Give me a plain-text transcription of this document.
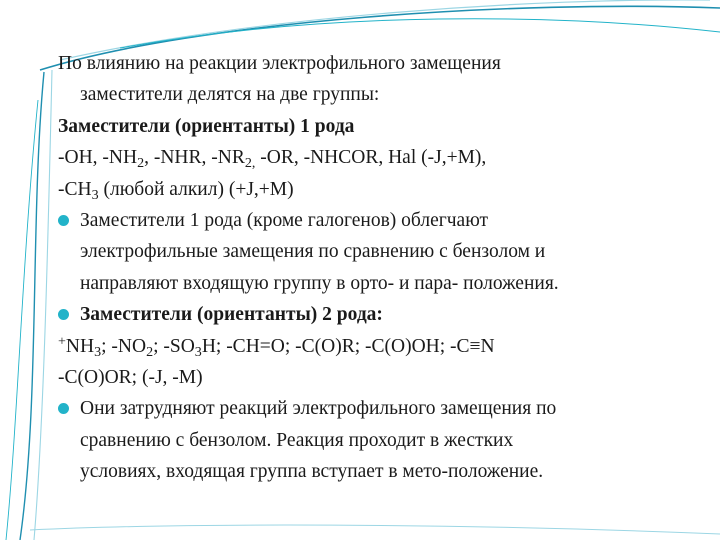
По влиянию на реакции электрофильного замещения
заместители делятся на две группы:
Заместители (ориентанты) 1 рода
-OH, $-NH_2$, -NHR, $-NR_{2,}$ -OR, -NHCOR, Hal (-J,+M),
$-CH_3$ (любой алкил) (+J,+M)
Заместители 1 рода (кроме галогенов) облегчают
электрофильные замещения по сравнению с бензолом и
направляют входящую группу в орто- и пара- положения.
Заместители (ориентанты) 2 рода:
$^+NH_3$; $-NO_2$; $-SO_3H$; -CH=O; -C(O)R; -C(O)OH; -C≡N
-C(O)OR; (-J, -M)
Они затрудняют реакций электрофильного замещения по
сравнению с бензолом. Реакция проходит в жестких
условиях, входящая группа вступает в мето-положение.
